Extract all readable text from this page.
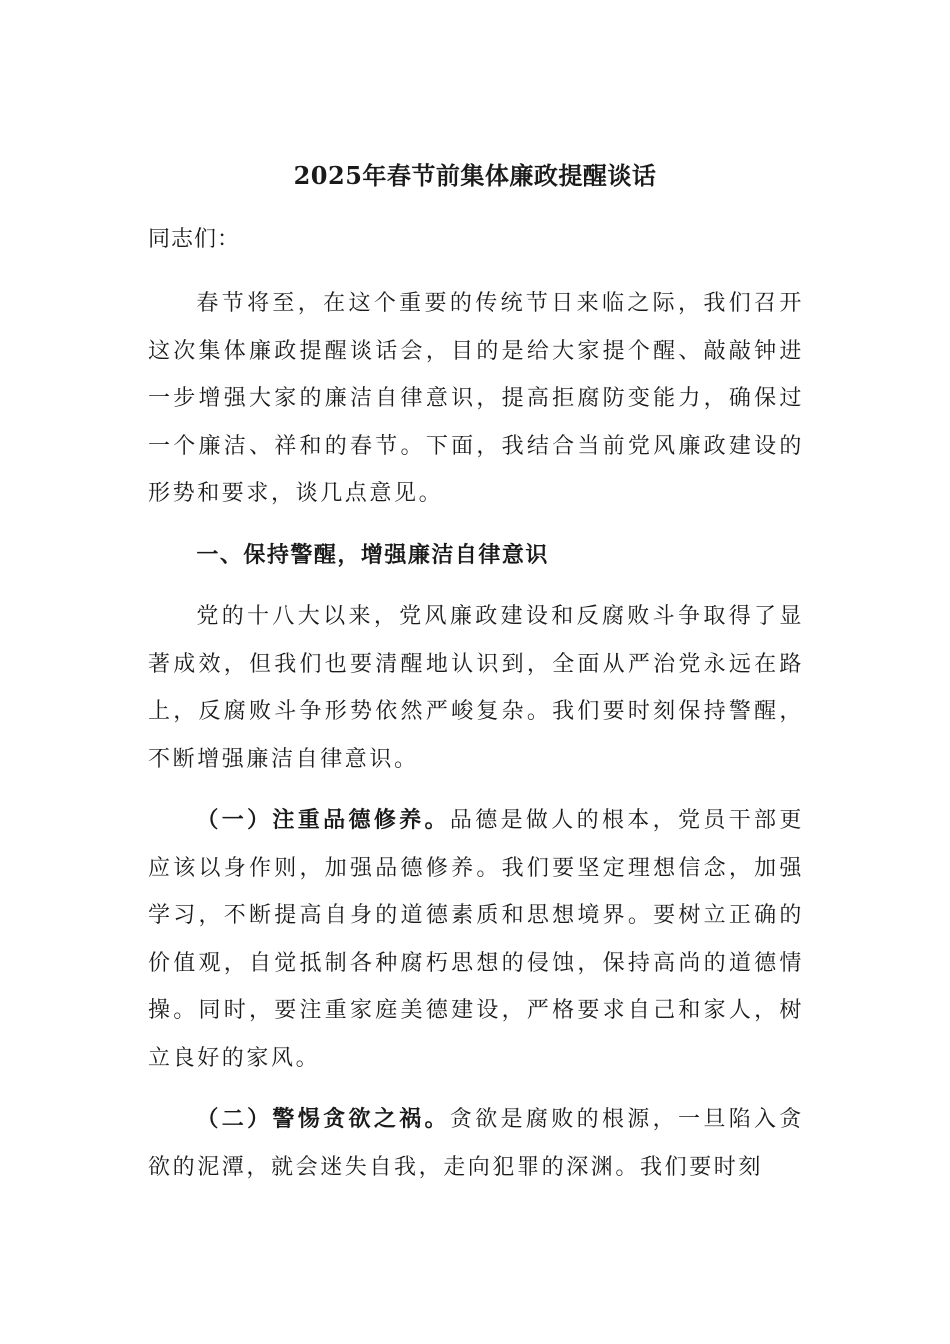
2025年春节前集体廉政提醒谈话
同志们：

春节将至，在这个重要的传统节日来临之际，我们召开这次集体廉政提醒谈话会，目的是给大家提个醒、敲敲钟进一步增强大家的廉洁自律意识，提高拒腐防变能力，确保过一个廉洁、祥和的春节。下面，我结合当前党风廉政建设的形势和要求，谈几点意见。

一、保持警醒，增强廉洁自律意识

党的十八大以来，党风廉政建设和反腐败斗争取得了显著成效，但我们也要清醒地认识到，全面从严治党永远在路上，反腐败斗争形势依然严峻复杂。我们要时刻保持警醒，不断增强廉洁自律意识。

（一）注重品德修养。品德是做人的根本，党员干部更应该以身作则，加强品德修养。我们要坚定理想信念，加强学习，不断提高自身的道德素质和思想境界。要树立正确的价值观，自觉抵制各种腐朽思想的侵蚀，保持高尚的道德情操。同时，要注重家庭美德建设，严格要求自己和家人，树立良好的家风。

（二）警惕贪欲之祸。贪欲是腐败的根源，一旦陷入贪欲的泥潭，就会迷失自我，走向犯罪的深渊。我们要时刻
